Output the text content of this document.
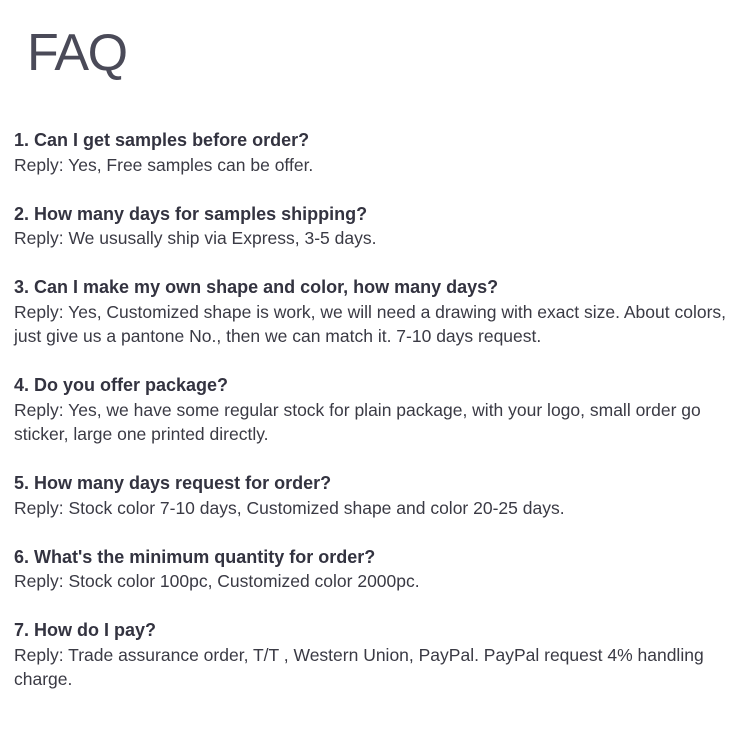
FAQ

1. Can I get samples before order?

Reply: Yes, Free samples can be offer.

2. How many days for samples shipping?

Reply: We ususally ship via Express, 3-5 days.

3. Can I make my own shape and color, how many days?

Reply: Yes, Customized shape is work, we will need a drawing with exact size. About colors, just give us a pantone No., then we can match it. 7-10 days request.

4. Do you offer package?

Reply: Yes, we have some regular stock for plain package, with your logo, small order go sticker, large one printed directly.

5. How many days request for order?

Reply: Stock color 7-10 days, Customized shape and color 20-25 days.

6. What's the minimum quantity for order?

Reply: Stock color 100pc, Customized color 2000pc.

7. How do I pay?

Reply: Trade assurance order, T/T , Western Union, PayPal. PayPal request 4% handling charge.
